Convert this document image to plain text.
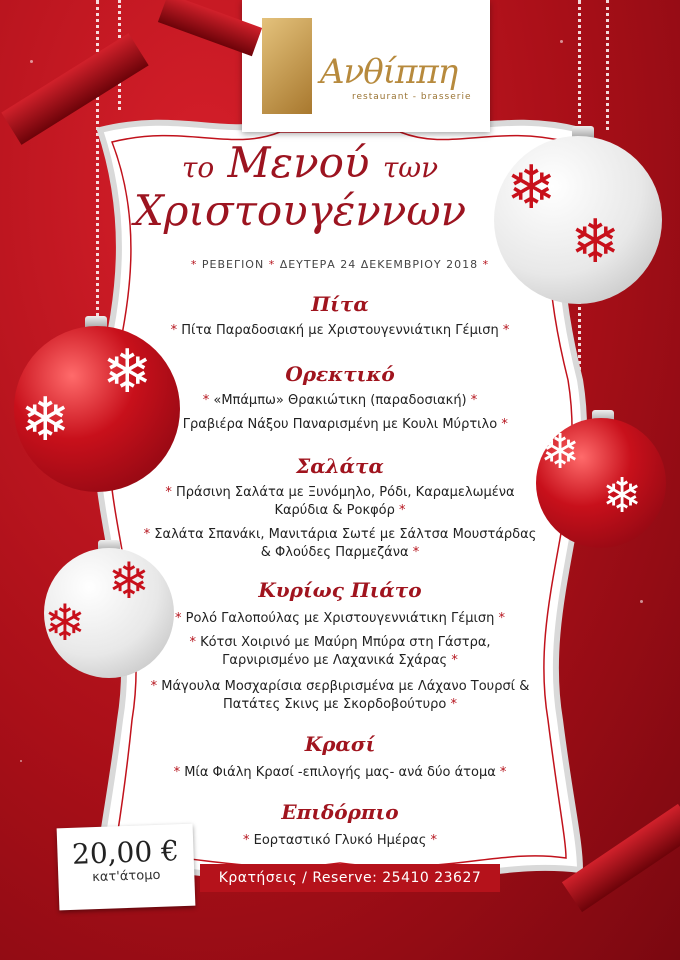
Ανθίππη
restaurant - brasserie
το Μενού των
Χριστουγέννων
* ΡΕΒΕΓΙΟΝ * ΔΕΥΤΕΡΑ 24 ΔΕΚΕΜΒΡΙΟΥ 2018 *
Πίτα
* Πίτα Παραδοσιακή με Χριστουγεννιάτικη Γέμιση *
Ορεκτικό
* «Μπάμπω» Θρακιώτικη (παραδοσιακή) *
Γραβιέρα Νάξου Παναρισμένη με Κουλι Μύρτιλο *
Σαλάτα
* Πράσινη Σαλάτα με Ξυνόμηλο, Ρόδι, Καραμελωμένα
Καρύδια & Ροκφόρ *
* Σαλάτα Σπανάκι, Μανιτάρια Σωτέ με Σάλτσα Μουστάρδας
& Φλούδες Παρμεζάνα *
Κυρίως Πιάτο
* Ρολό Γαλοπούλας με Χριστουγεννιάτικη Γέμιση *
* Κότσι Χοιρινό με Μαύρη Μπύρα στη Γάστρα,
Γαρνιρισμένο με Λαχανικά Σχάρας *
* Μάγουλα Μοσχαρίσια σερβιρισμένα με Λάχανο Τουρσί &
Πατάτες Σκινς με Σκορδοβούτυρο *
Κρασί
* Μία Φιάλη Κρασί -επιλογής μας- ανά δύο άτομα *
Επιδόρπιο
* Εορταστικό Γλυκό Ημέρας *
❄
❄
❄
❄
❄
❄
❄
❄
20,00 €
κατ'άτομο	Κρατήσεις / Reserve: 25410 23627
